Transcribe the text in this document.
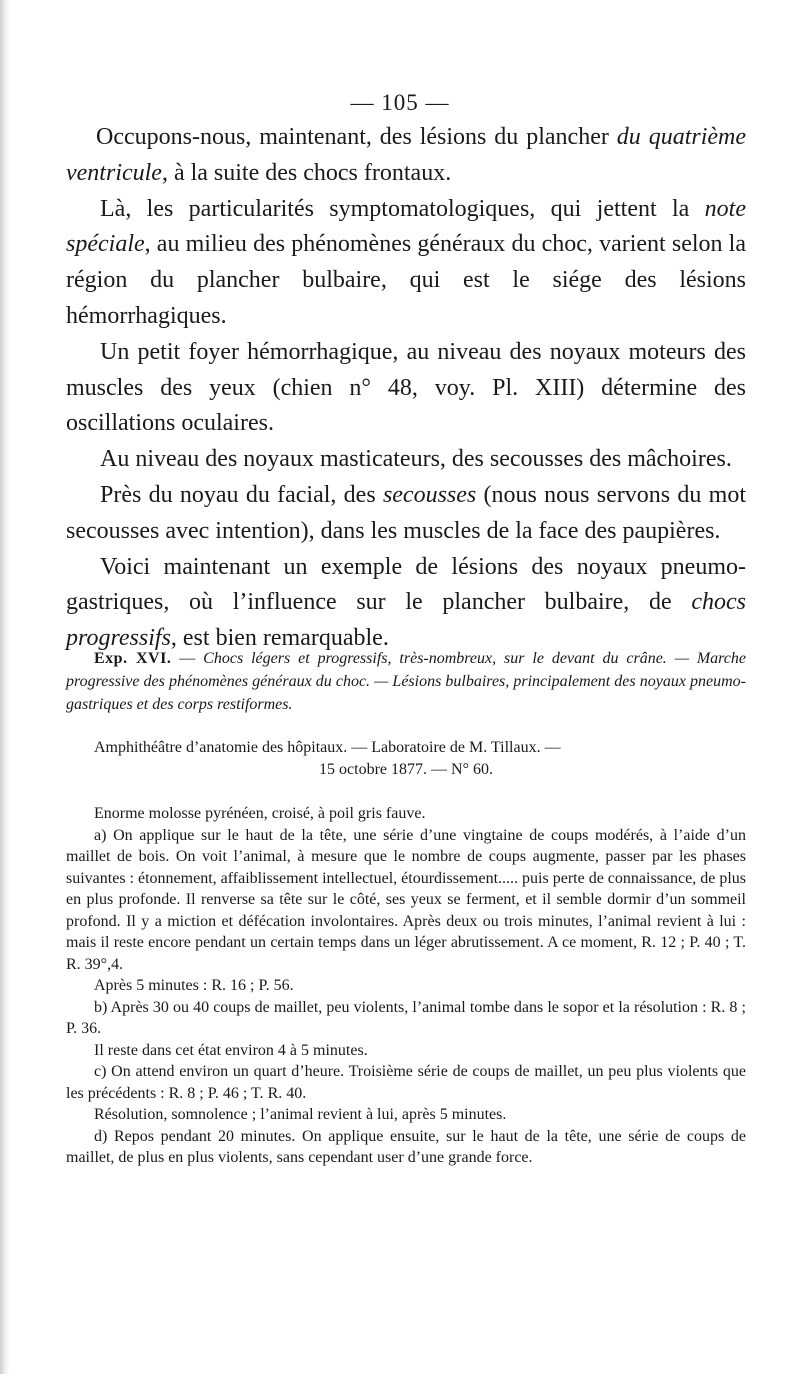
— 105 —

Occupons-nous, maintenant, des lésions du plancher du quatrième ventricule, à la suite des chocs frontaux.

Là, les particularités symptomatologiques, qui jettent la note spéciale, au milieu des phénomènes généraux du choc, varient selon la région du plancher bulbaire, qui est le siége des lésions hémorrhagiques.

Un petit foyer hémorrhagique, au niveau des noyaux moteurs des muscles des yeux (chien n° 48, voy. Pl. XIII) détermine des oscillations oculaires.

Au niveau des noyaux masticateurs, des secousses des mâchoires.

Près du noyau du facial, des secousses (nous nous servons du mot secousses avec intention), dans les muscles de la face des paupières.

Voici maintenant un exemple de lésions des noyaux pneumo-gastriques, où l’influence sur le plancher bulbaire, de chocs progressifs, est bien remarquable.

Exp. XVI. — Chocs légers et progressifs, très-nombreux, sur le devant du crâne. — Marche progressive des phénomènes généraux du choc. — Lésions bulbaires, principalement des noyaux pneumo-gastriques et des corps restiformes.

Amphithéâtre d’anatomie des hôpitaux. — Laboratoire de M. Tillaux. —

15 octobre 1877. — N° 60.

Enorme molosse pyrénéen, croisé, à poil gris fauve.

a) On applique sur le haut de la tête, une série d’une vingtaine de coups modérés, à l’aide d’un maillet de bois. On voit l’animal, à mesure que le nombre de coups augmente, passer par les phases suivantes : étonnement, affaiblissement intellectuel, étourdissement..... puis perte de connaissance, de plus en plus profonde. Il renverse sa tête sur le côté, ses yeux se ferment, et il semble dormir d’un sommeil profond. Il y a miction et défécation involontaires. Après deux ou trois minutes, l’animal revient à lui : mais il reste encore pendant un certain temps dans un léger abrutissement. A ce moment, R. 12 ; P. 40 ; T. R. 39°,4.

Après 5 minutes : R. 16 ; P. 56.

b) Après 30 ou 40 coups de maillet, peu violents, l’animal tombe dans le sopor et la résolution : R. 8 ; P. 36.

Il reste dans cet état environ 4 à 5 minutes.

c) On attend environ un quart d’heure. Troisième série de coups de maillet, un peu plus violents que les précédents : R. 8 ; P. 46 ; T. R. 40.

Résolution, somnolence ; l’animal revient à lui, après 5 minutes.

d) Repos pendant 20 minutes. On applique ensuite, sur le haut de la tête, une série de coups de maillet, de plus en plus violents, sans cependant user d’une grande force.
